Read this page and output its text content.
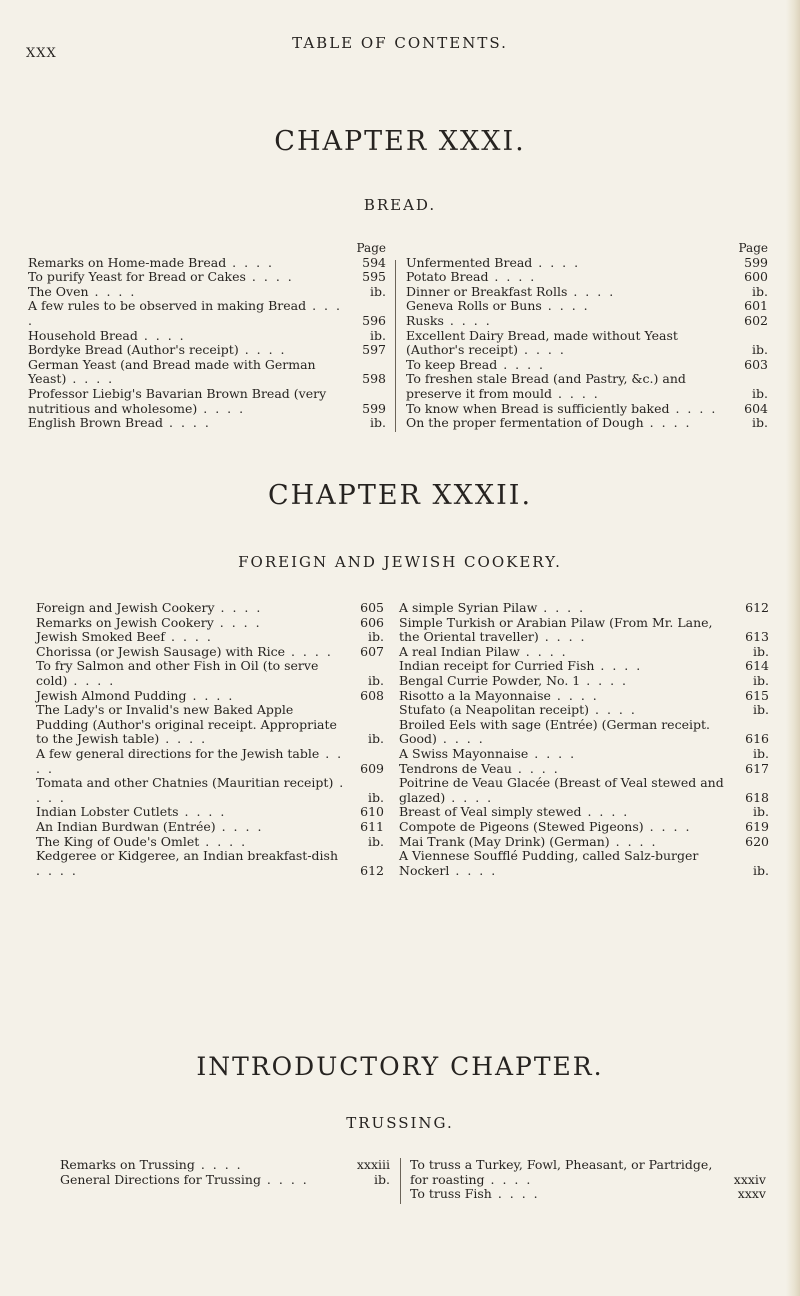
XXX
TABLE OF CONTENTS.
CHAPTER XXXI.
BREAD.
Page
Remarks on Home-made Bread . . . .	594
To purify Yeast for Bread or Cakes . . . .	595
The Oven . . . .	ib.
A few rules to be observed in making Bread . . . .
596
Household Bread . . . .	ib.
Bordyke Bread (Author's receipt) . . . .	597
German Yeast (and Bread made with German Yeast) . . . .	598
Professor Liebig's Bavarian Brown Bread (very nutritious and wholesome) . . . .	599
English Brown Bread . . . .	ib.
Page
Unfermented Bread . . . .	599
Potato Bread . . . .	600
Dinner or Breakfast Rolls . . . .	ib.
Geneva Rolls or Buns . . . .	601
Rusks . . . .	602
Excellent Dairy Bread, made without Yeast (Author's receipt) . . . .	ib.
To keep Bread . . . .	603
To freshen stale Bread (and Pastry, &c.) and preserve it from mould . . . .	ib.
To know when Bread is sufficiently baked . . . .	604
On the proper fermentation of Dough . . . .	ib.
CHAPTER XXXII.
FOREIGN AND JEWISH COOKERY.
Foreign and Jewish Cookery . . . .	605
Remarks on Jewish Cookery . . . .	606
Jewish Smoked Beef . . . .	ib.
Chorissa (or Jewish Sausage) with Rice . . . .	607
To fry Salmon and other Fish in Oil (to serve cold) . . . .	ib.
Jewish Almond Pudding . . . .	608
The Lady's or Invalid's new Baked Apple Pudding (Author's original receipt. Appropriate to the Jewish table) . . . .	ib.
A few general directions for the Jewish table . . . .
609
Tomata and other Chatnies (Mauritian receipt) . . . .
ib.
Indian Lobster Cutlets . . . .	610
An Indian Burdwan (Entrée) . . . .	611
The King of Oude's Omlet . . . .	ib.
Kedgeree or Kidgeree, an Indian breakfast-dish . . . .
612
A simple Syrian Pilaw . . . .	612
Simple Turkish or Arabian Pilaw (From Mr. Lane, the Oriental traveller) . . . .	613
A real Indian Pilaw . . . .	ib.
Indian receipt for Curried Fish . . . .	614
Bengal Currie Powder, No. 1 . . . .	ib.
Risotto a la Mayonnaise . . . .	615
Stufato (a Neapolitan receipt) . . . .	ib.
Broiled Eels with sage (Entrée) (German receipt. Good) . . . .	616
A Swiss Mayonnaise . . . .	ib.
Tendrons de Veau . . . .	617
Poitrine de Veau Glacée (Breast of Veal stewed and glazed) . . . .	618
Breast of Veal simply stewed . . . .	ib.
Compote de Pigeons (Stewed Pigeons) . . . .	619
Mai Trank (May Drink) (German) . . . .	620
A Viennese Soufflé Pudding, called Salz-burger Nockerl . . . .	ib.
INTRODUCTORY CHAPTER.
TRUSSING.
Remarks on Trussing . . . .	xxxiii
General Directions for Trussing . . . .	ib.
To truss a Turkey, Fowl, Pheasant, or Partridge, for roasting . . . .	xxxiv
To truss Fish . . . .	xxxv
